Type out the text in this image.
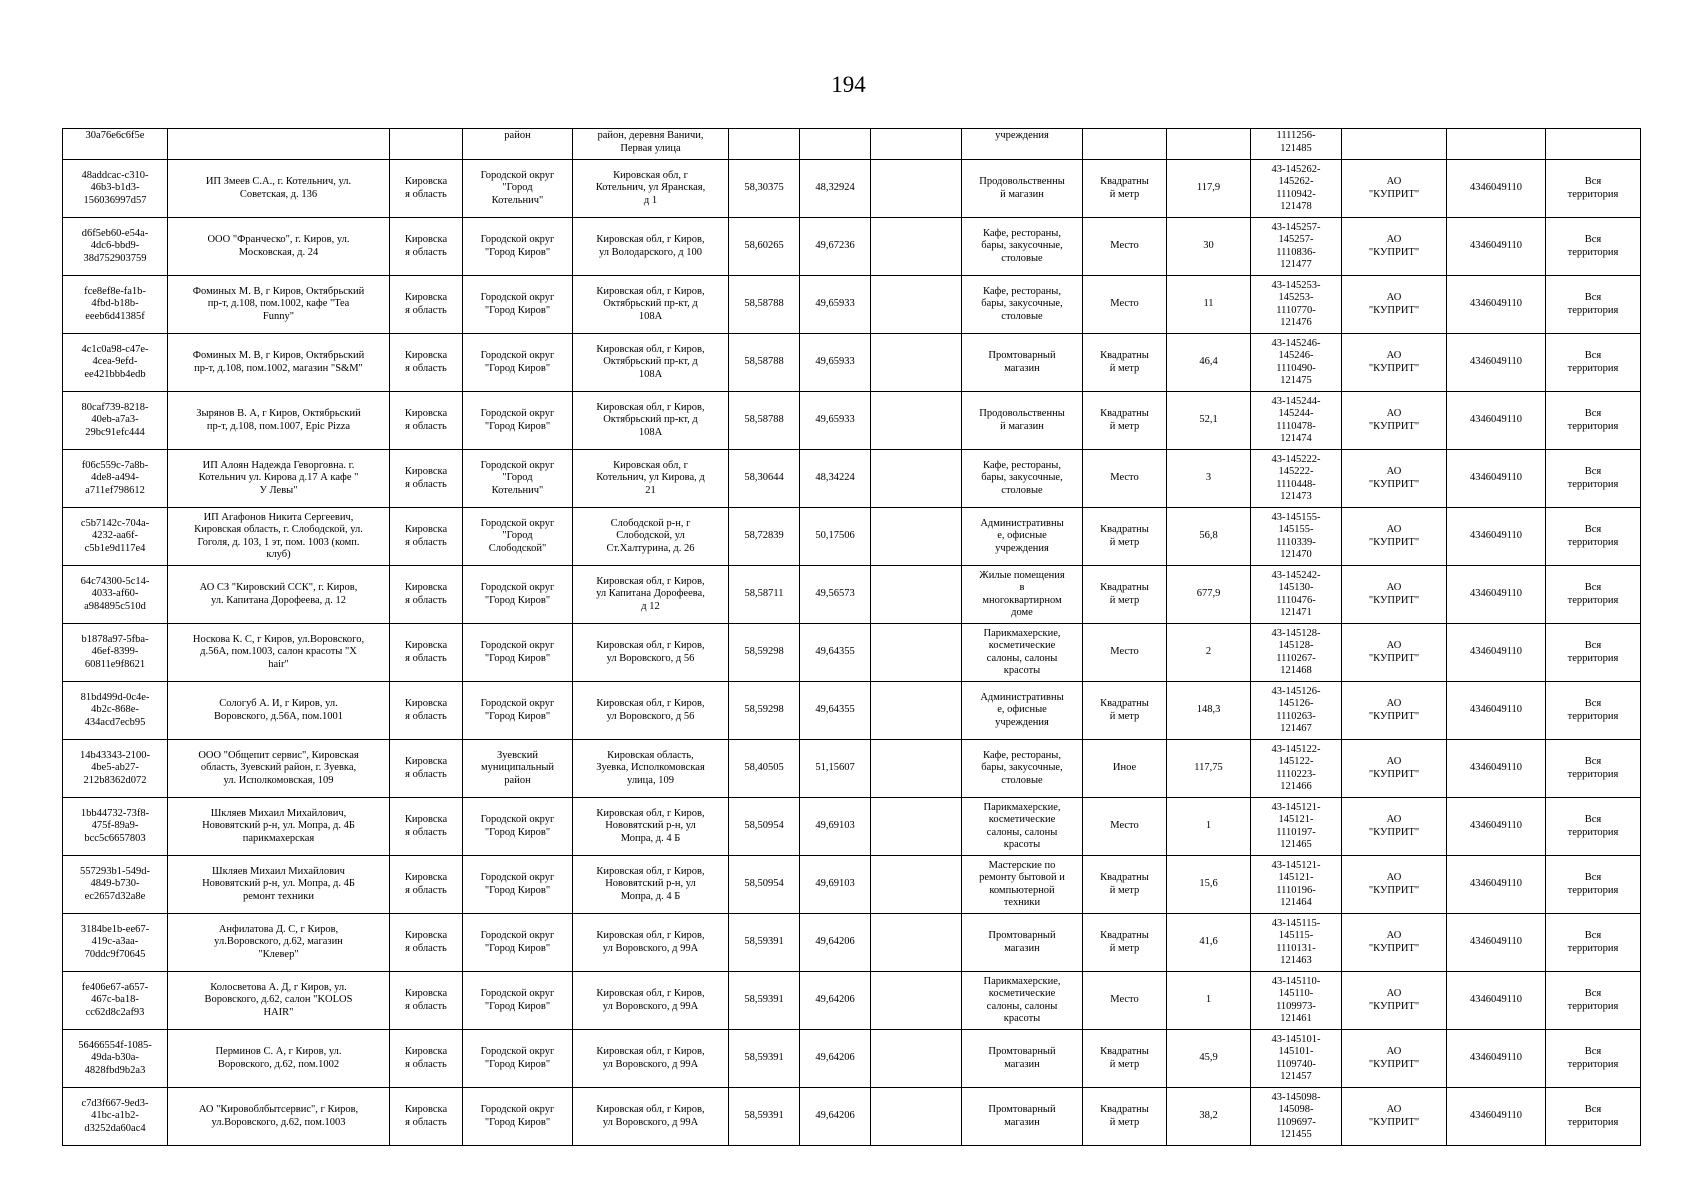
194
30a76e6c6f5e			район	район, деревня Ваничи,
Первая улица				учреждения			1111256-
121485			
48addcac-c310-
46b3-b1d3-
156036997d57	ИП Змеев С.А., г. Котельнич, ул.
Советская, д. 136	Кировска
я область	Городской округ
"Город
Котельнич"	Кировская обл, г
Котельнич, ул Яранская,
д 1	58,30375	48,32924		Продовольственны
й магазин	Квадратны
й метр	117,9	43-145262-
145262-
1110942-
121478	АО
"КУПРИТ"	4346049110	Вся
территория
d6f5eb60-e54a-
4dc6-bbd9-
38d752903759	ООО "Франческо", г. Киров, ул.
Московская, д. 24	Кировска
я область	Городской округ
"Город Киров"	Кировская обл, г Киров,
ул Володарского, д 100	58,60265	49,67236		Кафе, рестораны,
бары, закусочные,
столовые	Место	30	43-145257-
145257-
1110836-
121477	АО
"КУПРИТ"	4346049110	Вся
территория
fce8ef8e-fa1b-
4fbd-b18b-
eeeb6d41385f	Фоминых М. В, г Киров, Октябрьский
пр-т, д.108, пом.1002, кафе "Tea
Funny"	Кировска
я область	Городской округ
"Город Киров"	Кировская обл, г Киров,
Октябрьский пр-кт, д
108А	58,58788	49,65933		Кафе, рестораны,
бары, закусочные,
столовые	Место	11	43-145253-
145253-
1110770-
121476	АО
"КУПРИТ"	4346049110	Вся
территория
4c1c0a98-c47e-
4cea-9efd-
ee421bbb4edb	Фоминых М. В, г Киров, Октябрьский
пр-т, д.108, пом.1002, магазин "S&M"	Кировска
я область	Городской округ
"Город Киров"	Кировская обл, г Киров,
Октябрьский пр-кт, д
108А	58,58788	49,65933		Промтоварный
магазин	Квадратны
й метр	46,4	43-145246-
145246-
1110490-
121475	АО
"КУПРИТ"	4346049110	Вся
территория
80caf739-8218-
40eb-a7a3-
29bc91efc444	Зырянов В. А, г Киров, Октябрьский
пр-т, д.108, пом.1007, Epic Pizza	Кировска
я область	Городской округ
"Город Киров"	Кировская обл, г Киров,
Октябрьский пр-кт, д
108А	58,58788	49,65933		Продовольственны
й магазин	Квадратны
й метр	52,1	43-145244-
145244-
1110478-
121474	АО
"КУПРИТ"	4346049110	Вся
территория
f06c559c-7a8b-
4de8-a494-
a711ef798612	ИП Алоян Надежда Геворговна. г.
Котельнич ул. Кирова д.17 А кафе "
У Левы"	Кировска
я область	Городской округ
"Город
Котельнич"	Кировская обл, г
Котельнич, ул Кирова, д
21	58,30644	48,34224		Кафе, рестораны,
бары, закусочные,
столовые	Место	3	43-145222-
145222-
1110448-
121473	АО
"КУПРИТ"	4346049110	Вся
территория
c5b7142c-704a-
4232-aa6f-
c5b1e9d117e4	ИП Агафонов Никита Сергеевич,
Кировская область, г. Слободской, ул.
Гоголя, д. 103, 1 эт, пом. 1003 (комп.
клуб)	Кировска
я область	Городской округ
"Город
Слободской"	Слободской р-н, г
Слободской, ул
Ст.Халтурина, д. 26	58,72839	50,17506		Административны
е, офисные
учреждения	Квадратны
й метр	56,8	43-145155-
145155-
1110339-
121470	АО
"КУПРИТ"	4346049110	Вся
территория
64c74300-5c14-
4033-af60-
a984895c510d	АО СЗ "Кировский ССК", г. Киров,
ул. Капитана Дорофеева, д. 12	Кировска
я область	Городской округ
"Город Киров"	Кировская обл, г Киров,
ул Капитана Дорофеева,
д 12	58,58711	49,56573		Жилые помещения
в
многоквартирном
доме	Квадратны
й метр	677,9	43-145242-
145130-
1110476-
121471	АО
"КУПРИТ"	4346049110	Вся
территория
b1878a97-5fba-
46ef-8399-
60811e9f8621	Носкова К. С, г Киров, ул.Воровского,
д.56А, пом.1003, салон красоты "X
hair"	Кировска
я область	Городской округ
"Город Киров"	Кировская обл, г Киров,
ул Воровского, д 56	58,59298	49,64355		Парикмахерские,
косметические
салоны, салоны
красоты	Место	2	43-145128-
145128-
1110267-
121468	АО
"КУПРИТ"	4346049110	Вся
территория
81bd499d-0c4e-
4b2c-868e-
434acd7ecb95	Сологуб А. И, г Киров, ул.
Воровского, д.56А, пом.1001	Кировска
я область	Городской округ
"Город Киров"	Кировская обл, г Киров,
ул Воровского, д 56	58,59298	49,64355		Административны
е, офисные
учреждения	Квадратны
й метр	148,3	43-145126-
145126-
1110263-
121467	АО
"КУПРИТ"	4346049110	Вся
территория
14b43343-2100-
4be5-ab27-
212b8362d072	ООО "Общепит сервис", Кировская
область, Зуевский район, г. Зуевка,
ул. Исполкомовская, 109	Кировска
я область	Зуевский
муниципальный
район	Кировская область,
Зуевка, Исполкомовская
улица, 109	58,40505	51,15607		Кафе, рестораны,
бары, закусочные,
столовые	Иное	117,75	43-145122-
145122-
1110223-
121466	АО
"КУПРИТ"	4346049110	Вся
территория
1bb44732-73f8-
475f-89a9-
bcc5c6657803	Шкляев Михаил Михайлович,
Нововятский р-н, ул. Мопра, д. 4Б
парикмахерская	Кировска
я область	Городской округ
"Город Киров"	Кировская обл, г Киров,
Нововятский р-н, ул
Мопра, д. 4 Б	58,50954	49,69103		Парикмахерские,
косметические
салоны, салоны
красоты	Место	1	43-145121-
145121-
1110197-
121465	АО
"КУПРИТ"	4346049110	Вся
территория
557293b1-549d-
4849-b730-
ec2657d32a8e	Шкляев Михаил Михайлович
Нововятский р-н, ул. Мопра, д. 4Б
ремонт техники	Кировска
я область	Городской округ
"Город Киров"	Кировская обл, г Киров,
Нововятский р-н, ул
Мопра, д. 4 Б	58,50954	49,69103		Мастерские по
ремонту бытовой и
компьютерной
техники	Квадратны
й метр	15,6	43-145121-
145121-
1110196-
121464	АО
"КУПРИТ"	4346049110	Вся
территория
3184be1b-ee67-
419c-a3aa-
70ddc9f70645	Анфилатова Д. С, г Киров,
ул.Воровского, д.62, магазин
"Клевер"	Кировска
я область	Городской округ
"Город Киров"	Кировская обл, г Киров,
ул Воровского, д 99А	58,59391	49,64206		Промтоварный
магазин	Квадратны
й метр	41,6	43-145115-
145115-
1110131-
121463	АО
"КУПРИТ"	4346049110	Вся
территория
fe406e67-a657-
467c-ba18-
cc62d8c2af93	Колосветова А. Д, г Киров, ул.
Воровского, д.62, салон "KOLOS
HAIR"	Кировска
я область	Городской округ
"Город Киров"	Кировская обл, г Киров,
ул Воровского, д 99А	58,59391	49,64206		Парикмахерские,
косметические
салоны, салоны
красоты	Место	1	43-145110-
145110-
1109973-
121461	АО
"КУПРИТ"	4346049110	Вся
территория
56466554f-1085-
49da-b30a-
4828fbd9b2a3	Перминов С. А, г Киров, ул.
Воровского, д.62, пом.1002	Кировска
я область	Городской округ
"Город Киров"	Кировская обл, г Киров,
ул Воровского, д 99А	58,59391	49,64206		Промтоварный
магазин	Квадратны
й метр	45,9	43-145101-
145101-
1109740-
121457	АО
"КУПРИТ"	4346049110	Вся
территория
c7d3f667-9ed3-
41bc-a1b2-
d3252da60ac4	АО "Кировоблбытсервис", г Киров,
ул.Воровского, д.62, пом.1003	Кировска
я область	Городской округ
"Город Киров"	Кировская обл, г Киров,
ул Воровского, д 99А	58,59391	49,64206		Промтоварный
магазин	Квадратны
й метр	38,2	43-145098-
145098-
1109697-
121455	АО
"КУПРИТ"	4346049110	Вся
территория
